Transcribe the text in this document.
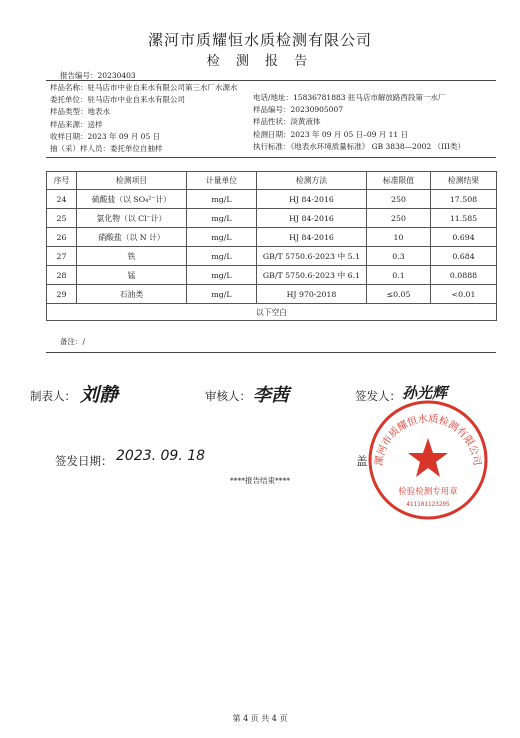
漯河市质耀恒水质检测有限公司
检 测 报 告
报告编号：20230403
样品名称：驻马店市中业自来水有限公司第三水厂水源水
委托单位：驻马店市中业自来水有限公司
样品类型：地表水
样品来源：送样
收样日期：2023 年 09 月 05 日
抽（采）样人员：委托单位自抽样
电话/地址：15836781883 驻马店市解放路西段第一水厂
样品编号：20230905007
样品性状：淡黄液体
检测日期：2023 年 09 月 05 日–09 月 11 日
执行标准：《地表水环境质量标准》 GB 3838—2002 （III类）
序号	检测项目	计量单位	检测方法	标准限值	检测结果
24	硫酸盐（以 SO₄²⁻计）	mg/L	HJ 84-2016	250	17.508
25	氯化物（以 Cl⁻计）	mg/L	HJ 84-2016	250	11.585
26	硝酸盐（以 N 计）	mg/L	HJ 84-2016	10	0.694
27	铁	mg/L	GB/T 5750.6-2023 中 5.1	0.3	0.684
28	锰	mg/L	GB/T 5750.6-2023 中 6.1	0.1	0.0888
29	石油类	mg/L	HJ 970-2018	≤0.05	<0.01
以下空白					
备注：/
制表人： 刘静	审核人： 李茜	签发人： 孙光辉
签发日期： 2023. 09. 18	盖 漯河市质耀恒水质检测有限公司
检验检测专用章
411101123205
****报告结束****
第 4 页 共 4 页
